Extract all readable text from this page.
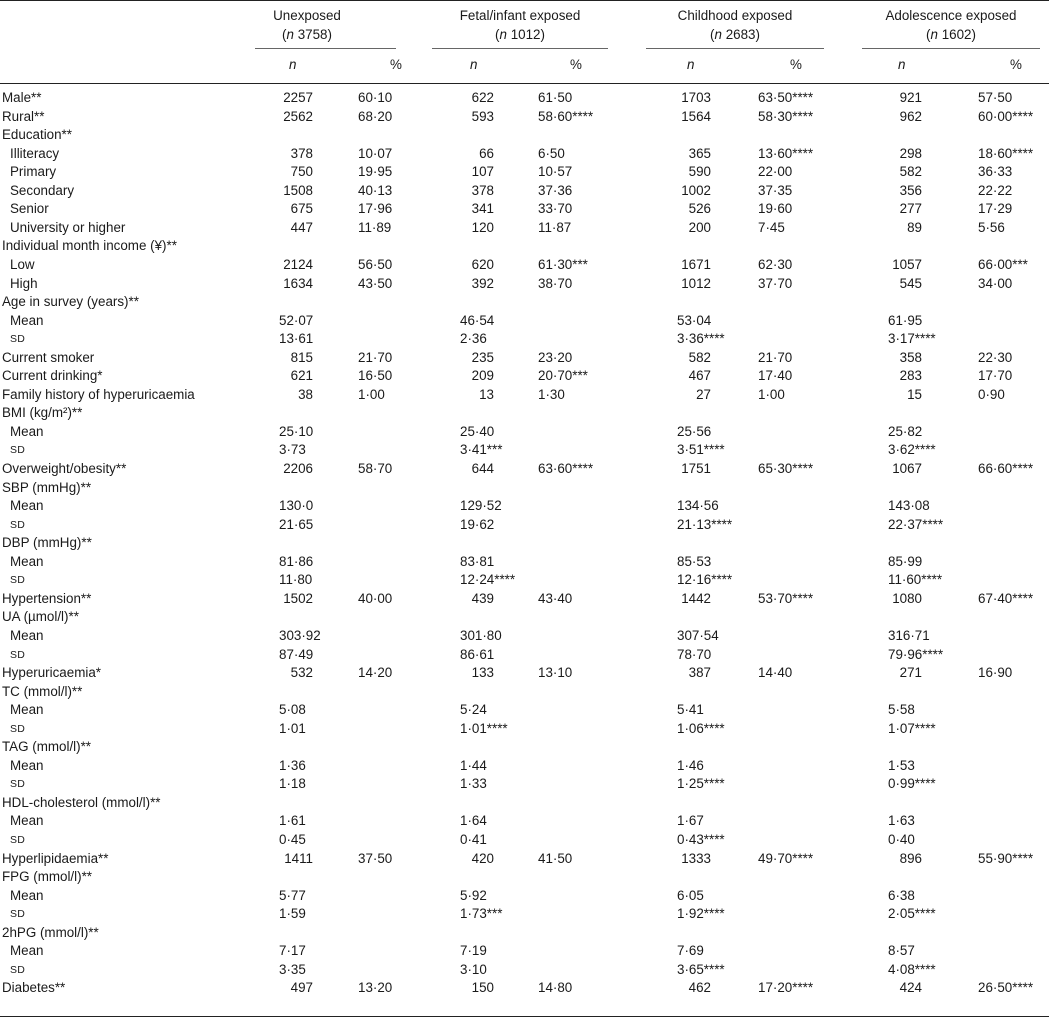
Unexposed
(n 3758)
n	%
Fetal/infant exposed
(n 1012)
n	%
Childhood exposed
(n 2683)
n	%
Adolescence exposed
(n 1602)
n	%
Male**	2257	60·10	622	61·50	1703	63·50****	921	57·50
Rural**	2562	68·20	593	58·60****	1564	58·30****	962	60·00****
Education**
Illiteracy	378	10·07	66	6·50	365	13·60****	298	18·60****
Primary	750	19·95	107	10·57	590	22·00	582	36·33
Secondary	1508	40·13	378	37·36	1002	37·35	356	22·22
Senior	675	17·96	341	33·70	526	19·60	277	17·29
University or higher	447	11·89	120	11·87	200	7·45	89	5·56
Individual month income (¥)**
Low	2124	56·50	620	61·30***	1671	62·30	1057	66·00***
High	1634	43·50	392	38·70	1012	37·70	545	34·00
Age in survey (years)**
Mean	52·07	46·54	53·04	61·95
SD	13·61	2·36	3·36****	3·17****
Current smoker	815	21·70	235	23·20	582	21·70	358	22·30
Current drinking*	621	16·50	209	20·70***	467	17·40	283	17·70
Family history of hyperuricaemia	38	1·00	13	1·30	27	1·00	15	0·90
BMI (kg/m²)**
Mean	25·10	25·40	25·56	25·82
SD	3·73	3·41***	3·51****	3·62****
Overweight/obesity**	2206	58·70	644	63·60****	1751	65·30****	1067	66·60****
SBP (mmHg)**
Mean	130·0	129·52	134·56	143·08
SD	21·65	19·62	21·13****	22·37****
DBP (mmHg)**
Mean	81·86	83·81	85·53	85·99
SD	11·80	12·24****	12·16****	11·60****
Hypertension**	1502	40·00	439	43·40	1442	53·70****	1080	67·40****
UA (µmol/l)**
Mean	303·92	301·80	307·54	316·71
SD	87·49	86·61	78·70	79·96****
Hyperuricaemia*	532	14·20	133	13·10	387	14·40	271	16·90
TC (mmol/l)**
Mean	5·08	5·24	5·41	5·58
SD	1·01	1·01****	1·06****	1·07****
TAG (mmol/l)**
Mean	1·36	1·44	1·46	1·53
SD	1·18	1·33	1·25****	0·99****
HDL-cholesterol (mmol/l)**
Mean	1·61	1·64	1·67	1·63
SD	0·45	0·41	0·43****	0·40
Hyperlipidaemia**	1411	37·50	420	41·50	1333	49·70****	896	55·90****
FPG (mmol/l)**
Mean	5·77	5·92	6·05	6·38
SD	1·59	1·73***	1·92****	2·05****
2hPG (mmol/l)**
Mean	7·17	7·19	7·69	8·57
SD	3·35	3·10	3·65****	4·08****
Diabetes**	497	13·20	150	14·80	462	17·20****	424	26·50****
